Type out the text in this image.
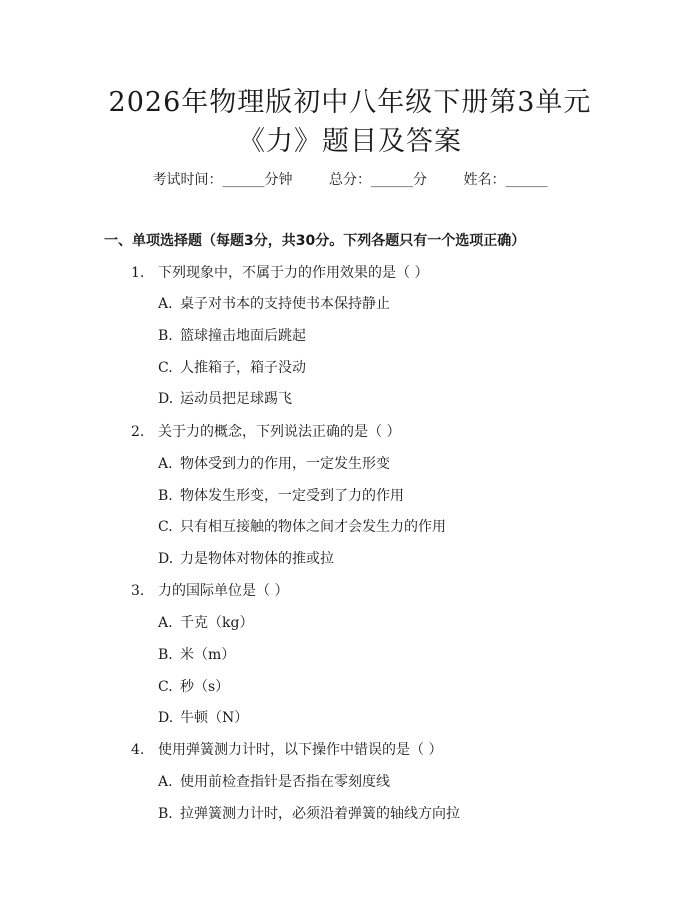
2026年物理版初中八年级下册第3单元
《力》题目及答案
考试时间：______分钟	总分：______分	姓名：______
一、单项选择题（每题3分，共30分。下列各题只有一个选项正确）
1. 下列现象中，不属于力的作用效果的是（ ）
A. 桌子对书本的支持使书本保持静止
B. 篮球撞击地面后跳起
C. 人推箱子，箱子没动
D. 运动员把足球踢飞
2. 关于力的概念，下列说法正确的是（ ）
A. 物体受到力的作用，一定发生形变
B. 物体发生形变，一定受到了力的作用
C. 只有相互接触的物体之间才会发生力的作用
D. 力是物体对物体的推或拉
3. 力的国际单位是（ ）
A. 千克（kg）
B. 米（m）
C. 秒（s）
D. 牛顿（N）
4. 使用弹簧测力计时，以下操作中错误的是（ ）
A. 使用前检查指针是否指在零刻度线
B. 拉弹簧测力计时，必须沿着弹簧的轴线方向拉
